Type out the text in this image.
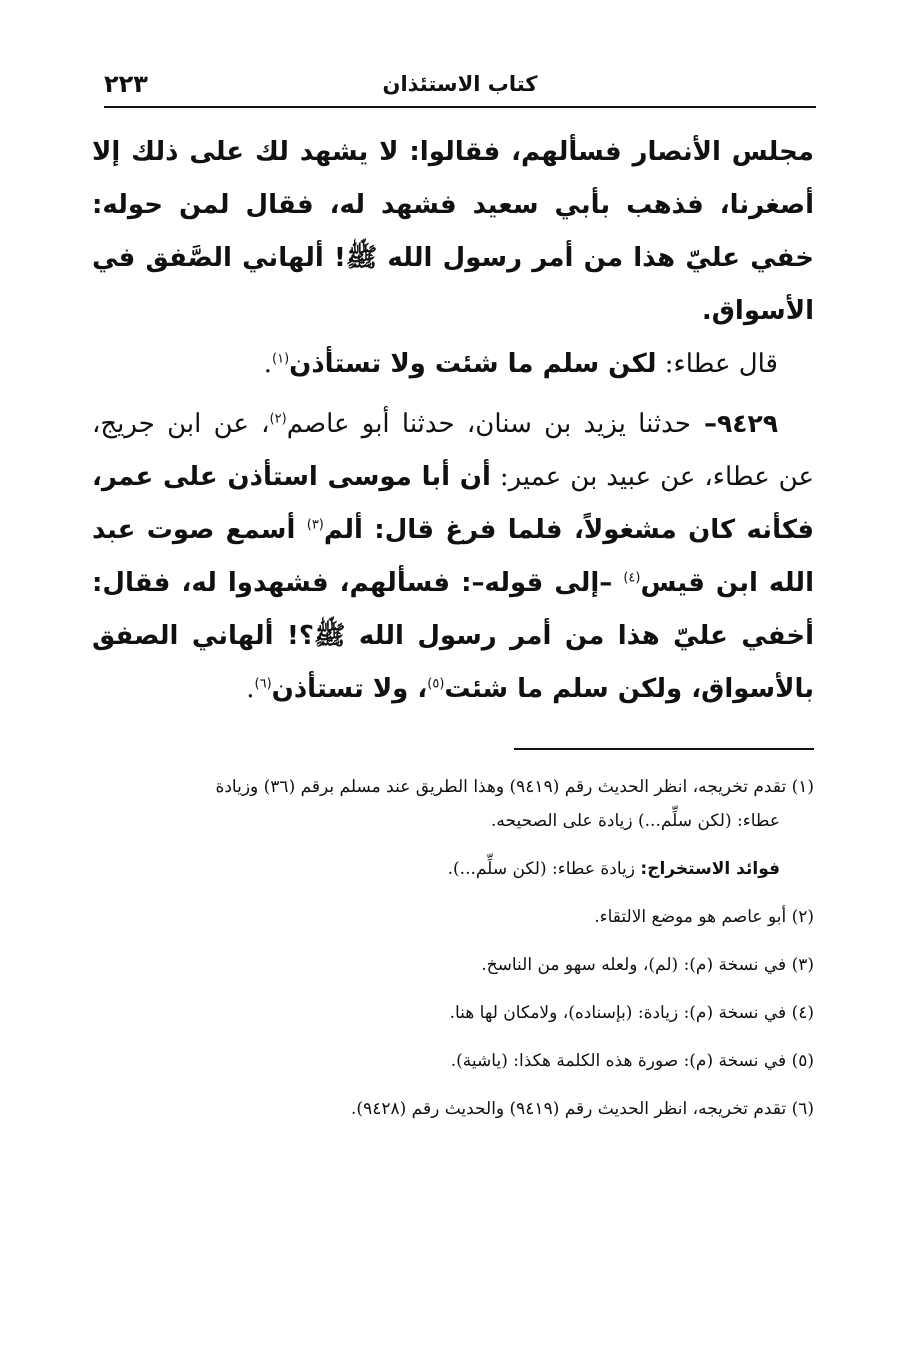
كتاب الاستئذان
٢٢٣

مجلس الأنصار فسألهم، فقالوا: لا يشهد لك على ذلك إلا أصغرنا، فذهب بأبي سعيد فشهد له، فقال لمن حوله: خفي عليّ هذا من أمر رسول الله ﷺ! ألهاني الصَّفق في الأسواق.

قال عطاء: لكن سلم ما شئت ولا تستأذن$^{(١)}$.

٩٤٢٩– حدثنا يزيد بن سنان، حدثنا أبو عاصم$^{(٢)}$، عن ابن جريج، عن عطاء، عن عبيد بن عمير: أن أبا موسى استأذن على عمر، فكأنه كان مشغولاً، فلما فرغ قال: ألم$^{(٣)}$ أسمع صوت عبد الله ابن قيس$^{(٤)}$ –إلى قوله–: فسألهم، فشهدوا له، فقال: أخفي عليّ هذا من أمر رسول الله ﷺ؟! ألهاني الصفق بالأسواق، ولكن سلم ما شئت$^{(٥)}$، ولا تستأذن$^{(٦)}$.

(١) تقدم تخريجه، انظر الحديث رقم (٩٤١٩) وهذا الطريق عند مسلم برقم (٣٦) وزيادة

عطاء: (لكن سلِّم...) زيادة على الصحيحه.

فوائد الاستخراج: زيادة عطاء: (لكن سلِّم...).

(٢) أبو عاصم هو موضع الالتقاء.

(٣) في نسخة (م): (لم)، ولعله سهو من الناسخ.

(٤) في نسخة (م): زيادة: (بإسناده)، ولامكان لها هنا.

(٥) في نسخة (م): صورة هذه الكلمة هكذا: (ياشية).

(٦) تقدم تخريجه، انظر الحديث رقم (٩٤١٩) والحديث رقم (٩٤٢٨).
